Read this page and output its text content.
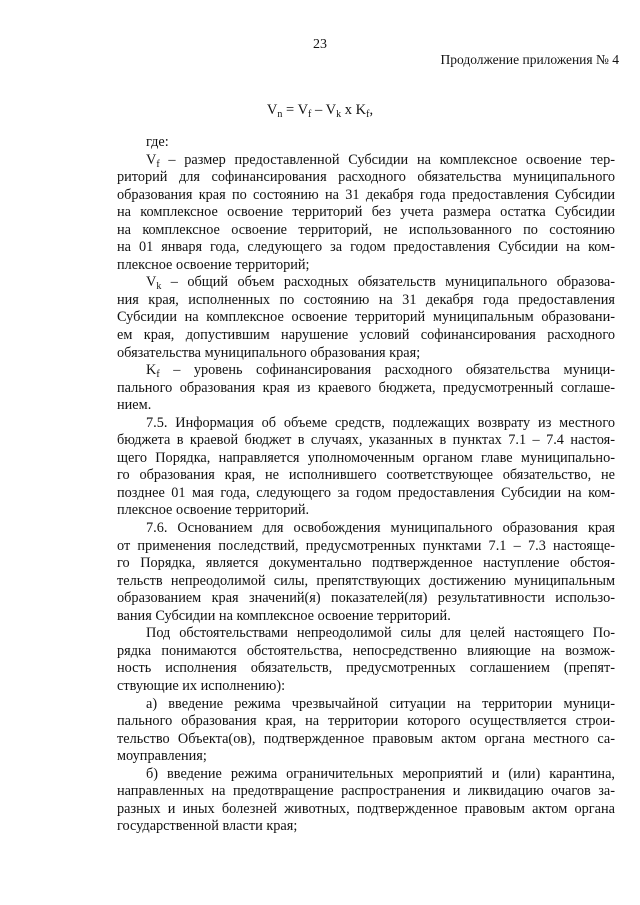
23
Продолжение приложения № 4
$V_n = V_f - V_k$ x $K_f$,
где:
$V_f$ – размер предоставленной Субсидии на комплексное освоение тер-
риторий для софинансирования расходного обязательства муниципального
образования края по состоянию на 31 декабря года предоставления Субсидии
на комплексное освоение территорий без учета размера остатка Субсидии
на комплексное освоение территорий, не использованного по состоянию
на 01 января года, следующего за годом предоставления Субсидии на ком-
плексное освоение территорий;
$V_k$ – общий объем расходных обязательств муниципального образова-
ния края, исполненных по состоянию на 31 декабря года предоставления
Субсидии на комплексное освоение территорий муниципальным образовани-
ем края, допустившим нарушение условий софинансирования расходного
обязательства муниципального образования края;
$K_f$ – уровень софинансирования расходного обязательства муници-
пального образования края из краевого бюджета, предусмотренный соглаше-
нием.
7.5. Информация об объеме средств, подлежащих возврату из местного
бюджета в краевой бюджет в случаях, указанных в пунктах 7.1 – 7.4 настоя-
щего Порядка, направляется уполномоченным органом главе муниципально-
го образования края, не исполнившего соответствующее обязательство, не
позднее 01 мая года, следующего за годом предоставления Субсидии на ком-
плексное освоение территорий.
7.6. Основанием для освобождения муниципального образования края
от применения последствий, предусмотренных пунктами 7.1 – 7.3 настояще-
го Порядка, является документально подтвержденное наступление обстоя-
тельств непреодолимой силы, препятствующих достижению муниципальным
образованием края значений(я) показателей(ля) результативности использо-
вания Субсидии на комплексное освоение территорий.
Под обстоятельствами непреодолимой силы для целей настоящего По-
рядка понимаются обстоятельства, непосредственно влияющие на возмож-
ность исполнения обязательств, предусмотренных соглашением (препят-
ствующие их исполнению):
а) введение режима чрезвычайной ситуации на территории муници-
пального образования края, на территории которого осуществляется строи-
тельство Объекта(ов), подтвержденное правовым актом органа местного са-
моуправления;
б) введение режима ограничительных мероприятий и (или) карантина,
направленных на предотвращение распространения и ликвидацию очагов за-
разных и иных болезней животных, подтвержденное правовым актом органа
государственной власти края;
